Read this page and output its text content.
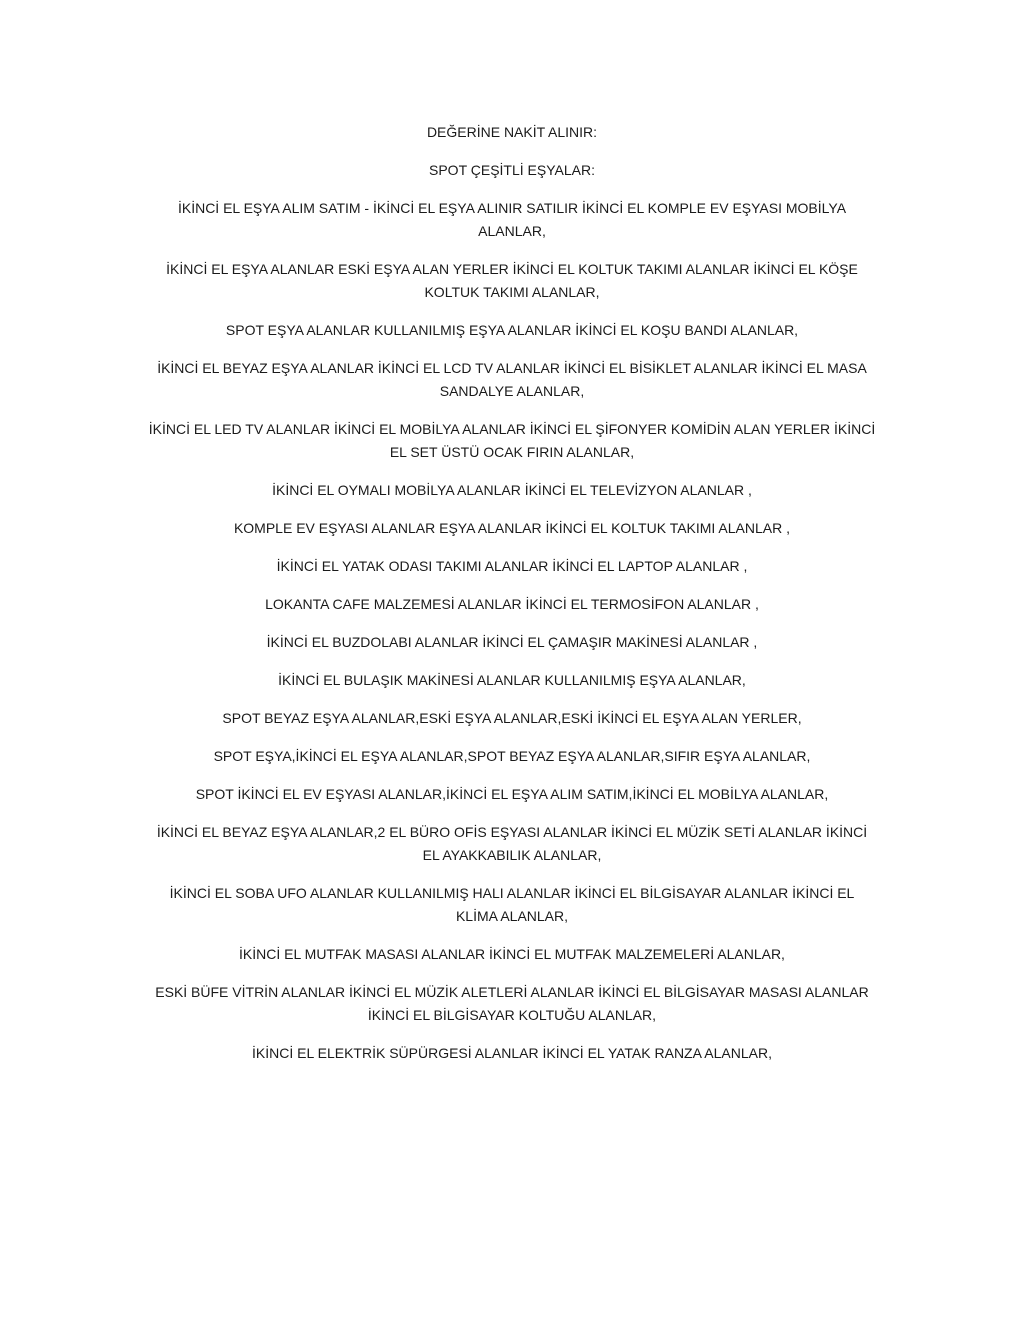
DEĞERİNE NAKİT ALINIR:

SPOT ÇEŞİTLİ EŞYALAR:

İKİNCİ EL EŞYA ALIM SATIM - İKİNCİ EL EŞYA ALINIR SATILIR İKİNCİ EL KOMPLE EV EŞYASI MOBİLYA ALANLAR,

İKİNCİ EL EŞYA ALANLAR ESKİ EŞYA ALAN YERLER İKİNCİ EL KOLTUK TAKIMI ALANLAR İKİNCİ EL KÖŞE KOLTUK TAKIMI ALANLAR,

SPOT EŞYA ALANLAR KULLANILMIŞ EŞYA ALANLAR İKİNCİ EL KOŞU BANDI ALANLAR,

İKİNCİ EL BEYAZ EŞYA ALANLAR İKİNCİ EL LCD TV ALANLAR İKİNCİ EL BİSİKLET ALANLAR İKİNCİ EL MASA SANDALYE ALANLAR,

İKİNCİ EL LED TV ALANLAR İKİNCİ EL MOBİLYA ALANLAR İKİNCİ EL ŞİFONYER KOMİDİN ALAN YERLER İKİNCİ EL SET ÜSTÜ OCAK FIRIN ALANLAR,

İKİNCİ EL OYMALI MOBİLYA ALANLAR İKİNCİ EL TELEVİZYON ALANLAR ,

KOMPLE EV EŞYASI ALANLAR EŞYA ALANLAR İKİNCİ EL KOLTUK TAKIMI ALANLAR ,

İKİNCİ EL YATAK ODASI TAKIMI ALANLAR İKİNCİ EL LAPTOP ALANLAR ,

LOKANTA CAFE MALZEMESİ ALANLAR İKİNCİ EL TERMOSİFON ALANLAR ,

İKİNCİ EL BUZDOLABI ALANLAR İKİNCİ EL ÇAMAŞIR MAKİNESİ ALANLAR ,

İKİNCİ EL BULAŞIK MAKİNESİ ALANLAR KULLANILMIŞ EŞYA ALANLAR,

SPOT BEYAZ EŞYA ALANLAR,ESKİ EŞYA ALANLAR,ESKİ İKİNCİ EL EŞYA ALAN YERLER,

SPOT EŞYA,İKİNCİ EL EŞYA ALANLAR,SPOT BEYAZ EŞYA ALANLAR,SIFIR EŞYA ALANLAR,

SPOT İKİNCİ EL EV EŞYASI ALANLAR,İKİNCİ EL EŞYA ALIM SATIM,İKİNCİ EL MOBİLYA ALANLAR,

İKİNCİ EL BEYAZ EŞYA ALANLAR,2 EL BÜRO OFİS EŞYASI ALANLAR İKİNCİ EL MÜZİK SETİ ALANLAR İKİNCİ EL AYAKKABILIK ALANLAR,

İKİNCİ EL SOBA UFO ALANLAR KULLANILMIŞ HALI ALANLAR İKİNCİ EL BİLGİSAYAR ALANLAR İKİNCİ EL KLİMA ALANLAR,

İKİNCİ EL MUTFAK MASASI ALANLAR İKİNCİ EL MUTFAK MALZEMELERİ ALANLAR,

ESKİ BÜFE VİTRİN ALANLAR İKİNCİ EL MÜZİK ALETLERİ ALANLAR İKİNCİ EL BİLGİSAYAR MASASI ALANLAR İKİNCİ EL BİLGİSAYAR KOLTUĞU ALANLAR,

İKİNCİ EL ELEKTRİK SÜPÜRGESİ ALANLAR İKİNCİ EL YATAK RANZA ALANLAR,
